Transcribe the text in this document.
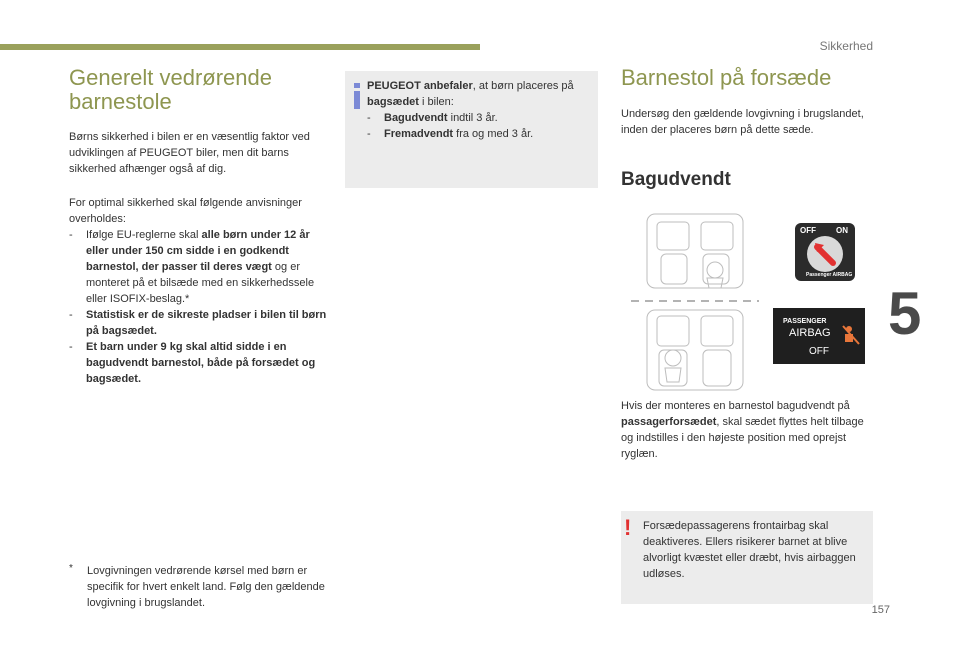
Sikkerhed
5
157
Generelt vedrørende
barnestole

Børns sikkerhed i bilen er en væsentlig faktor ved udviklingen af PEUGEOT biler, men dit barns sikkerhed afhænger også af dig.

For optimal sikkerhed skal følgende anvisninger overholdes:

- Ifølge EU-reglerne skal alle børn under 12 år eller under 150 cm sidde i en godkendt barnestol, der passer til deres vægt og er monteret på et bilsæde med en sikkerhedssele eller ISOFIX-beslag.*
- Statistisk er de sikreste pladser i bilen til børn på bagsædet.
- Et barn under 9 kg skal altid sidde i en bagudvendt barnestol, både på forsædet og bagsædet.
*	Lovgivningen vedrørende kørsel med børn er specifik for hvert enkelt land. Følg den gældende lovgivning i brugslandet.

PEUGEOT anbefaler, at børn placeres på bagsædet i bilen:

- Bagudvendt indtil 3 år.
- Fremadvendt fra og med 3 år.
Barnestol på forsæde

Undersøg den gældende lovgivning i brugslandet, inden der placeres børn på dette sæde.

Bagudvendt
OFF	ON
Passenger AIRBAG
PASSENGER
AIRBAG
OFF

Hvis der monteres en barnestol bagudvendt på passagerforsædet, skal sædet flyttes helt tilbage og indstilles i den højeste position med oprejst ryglæn.

! Forsædepassagerens frontairbag skal deaktiveres. Ellers risikerer barnet at blive alvorligt kvæstet eller dræbt, hvis airbaggen udløses.
